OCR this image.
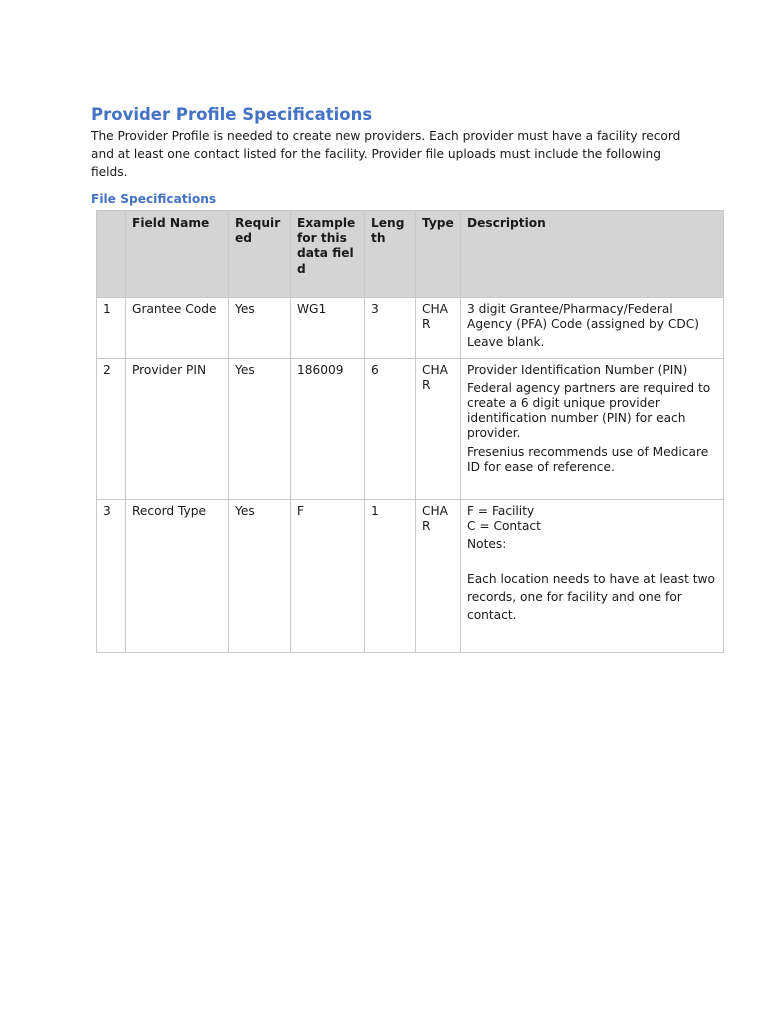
Provider Profile Specifications

The Provider Profile is needed to create new providers. Each provider must have a facility record and at least one contact listed for the facility. Provider file uploads must include the following fields.

File Specifications
	Field Name	Required	Example for this data field	Length	Type	Description
1	Grantee Code	Yes	WG1	3	CHAR	3 digit Grantee/Pharmacy/Federal Agency (PFA) Code (assigned by CDC)

Leave blank.

2	Provider PIN	Yes	186009	6	CHAR	Provider Identification Number (PIN)

Federal agency partners are required to create a 6 digit unique provider identification number (PIN) for each provider.

Fresenius recommends use of Medicare ID for ease of reference.

3	Record Type	Yes	F	1	CHAR	F = Facility

C = Contact

Notes:

Each location needs to have at least two records, one for facility and one for contact.
